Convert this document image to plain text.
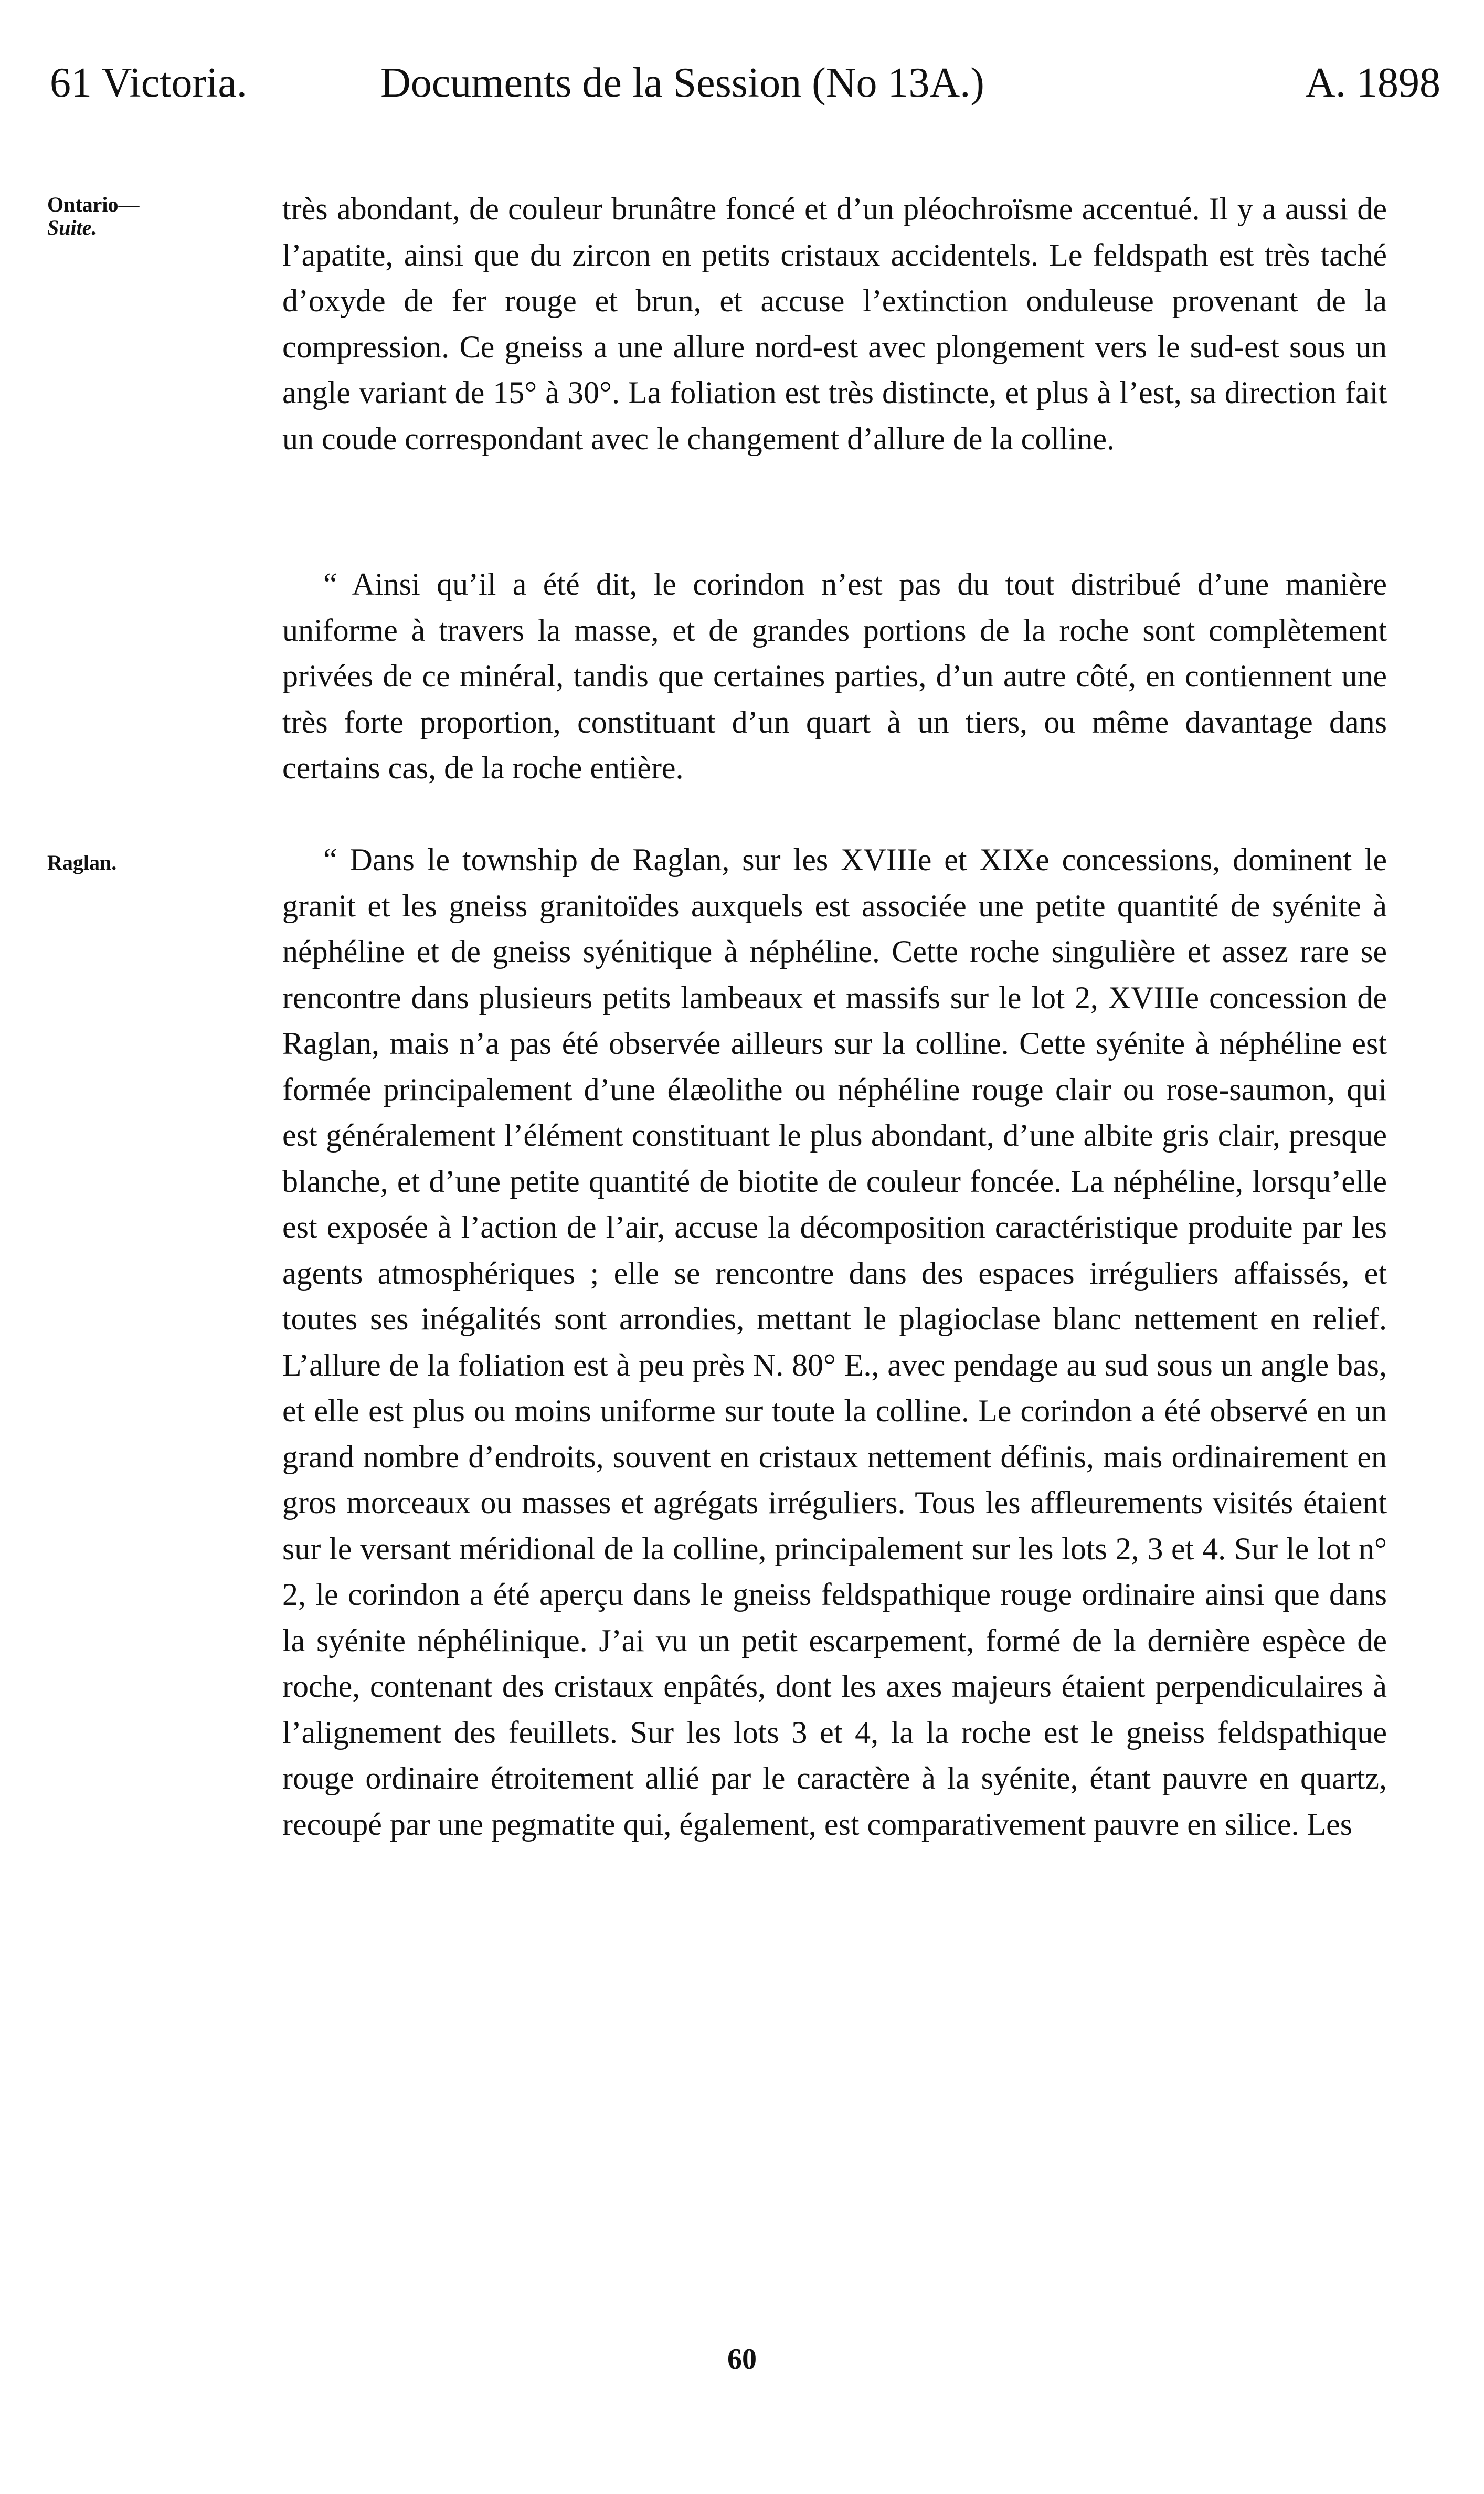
61 Victoria.	Documents de la Session (No 13A.)	A. 1898
Ontario—
Suite.
Raglan.

très abondant, de couleur brunâtre foncé et d’un pléochroïsme accentué. Il y a aussi de l’apatite, ainsi que du zircon en petits cristaux accidentels. Le feldspath est très taché d’oxyde de fer rouge et brun, et accuse l’extinction onduleuse provenant de la compression. Ce gneiss a une allure nord-est avec plongement vers le sud-est sous un angle variant de 15° à 30°. La foliation est très distincte, et plus à l’est, sa direction fait un coude correspondant avec le changement d’allure de la colline.

“ Ainsi qu’il a été dit, le corindon n’est pas du tout distribué d’une manière uniforme à travers la masse, et de grandes portions de la roche sont complètement privées de ce minéral, tandis que certaines parties, d’un autre côté, en contiennent une très forte proportion, constituant d’un quart à un tiers, ou même davantage dans certains cas, de la roche entière.

“ Dans le township de Raglan, sur les XVIIIe et XIXe concessions, dominent le granit et les gneiss granitoïdes auxquels est associée une petite quantité de syénite à néphéline et de gneiss syénitique à néphéline. Cette roche singulière et assez rare se rencontre dans plusieurs petits lambeaux et massifs sur le lot 2, XVIIIe concession de Raglan, mais n’a pas été observée ailleurs sur la colline. Cette syénite à néphéline est formée principalement d’une élæolithe ou néphéline rouge clair ou rose-saumon, qui est généralement l’élément constituant le plus abondant, d’une albite gris clair, presque blanche, et d’une petite quantité de biotite de couleur foncée. La néphéline, lorsqu’elle est exposée à l’action de l’air, accuse la décomposition caractéristique produite par les agents atmosphériques ; elle se rencontre dans des espaces irréguliers affaissés, et toutes ses inégalités sont arrondies, mettant le plagioclase blanc nettement en relief. L’allure de la foliation est à peu près N. 80° E., avec pendage au sud sous un angle bas, et elle est plus ou moins uniforme sur toute la colline. Le corindon a été observé en un grand nombre d’endroits, souvent en cristaux nettement définis, mais ordinairement en gros morceaux ou masses et agrégats irréguliers. Tous les affleurements visités étaient sur le versant méridional de la colline, principalement sur les lots 2, 3 et 4. Sur le lot n° 2, le corindon a été aperçu dans le gneiss feldspathique rouge ordinaire ainsi que dans la syénite néphélinique. J’ai vu un petit escarpement, formé de la dernière espèce de roche, contenant des cristaux enpâtés, dont les axes majeurs étaient perpendiculaires à l’alignement des feuillets. Sur les lots 3 et 4, la la roche est le gneiss feldspathique rouge ordinaire étroitement allié par le caractère à la syénite, étant pauvre en quartz, recoupé par une pegmatite qui, également, est comparativement pauvre en silice. Les

60
